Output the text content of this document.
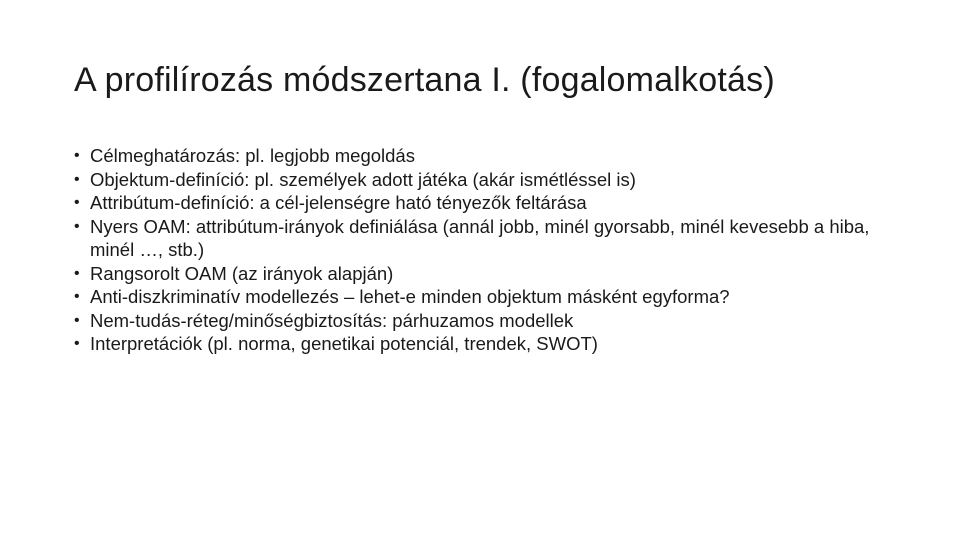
A profilírozás módszertana I. (fogalomalkotás)
• Célmeghatározás: pl. legjobb megoldás
• Objektum-definíció: pl. személyek adott játéka (akár ismétléssel is)
• Attribútum-definíció: a cél-jelenségre ható tényezők feltárása
• Nyers OAM: attribútum-irányok definiálása (annál jobb, minél gyorsabb, minél kevesebb a hiba, minél …, stb.)
• Rangsorolt OAM (az irányok alapján)
• Anti-diszkriminatív modellezés – lehet-e minden objektum másként egyforma?
• Nem-tudás-réteg/minőségbiztosítás: párhuzamos modellek
• Interpretációk (pl. norma, genetikai potenciál, trendek, SWOT)
